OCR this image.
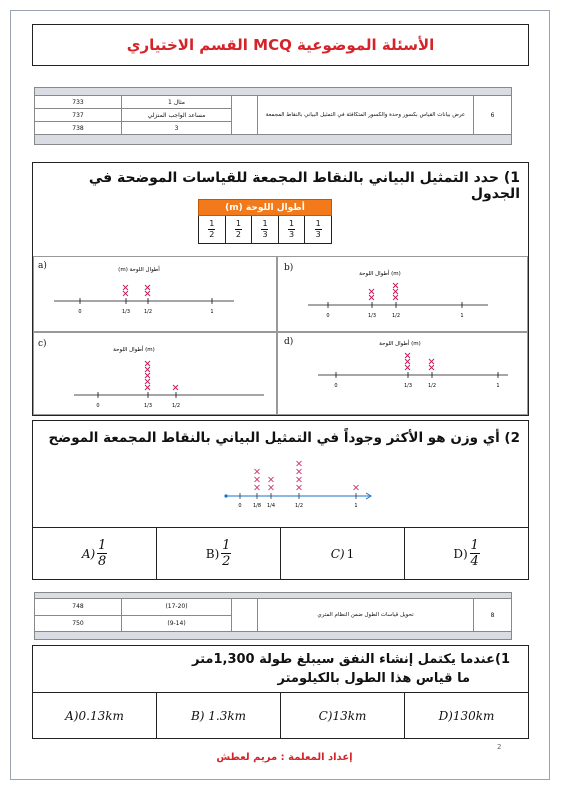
الأسئلة الموضوعية MCQ القسم الاختياري

6	عرض بيانات القياس بكسور وحدة والكسور المتكافئة في التمثيل البياني بالنقاط المجمعة		مثال 1	733
			مساعد الواجب المنزلي	737
			3	738

1) حدد التمثيل البياني بالنقاط المجمعة للقياسات الموضحة في الجدول
أطوال اللوحة (m)
$\frac{1}{2} \frac{1}{2} \frac{1}{3} \frac{1}{3} \frac{1}{3}$
a)	أطوال اللوحة (m)
0	1/3	1/2	1
b)
أطوال اللوحة (m)
0	1/3	1/2	1
c)
أطوال اللوحة (m)
0	1/3	1/2
d)	أطوال اللوحة (m)
0	1/3	1/2	1
2) أي وزن هو الأكثر وجوداً في التمثيل البياني بالنقاط المجمعة الموضح
0 1/8 1/4	1/2	1
$A) \frac{1}{8}$	$B) \frac{1}{2}$	C) 1	$D) \frac{1}{4}$

8	تحويل قياسات الطول ضمن النظام المتري		(17-20)	748
			(9-14)	750

1)عندما يكتمل إنشاء النفق سيبلغ طولة 1,300متر
ما قياس هذا الطول بالكيلومتر
A)0.13km	B) 1.3km	C)13km	D)130km
2
إعداد المعلمة : مريم لعطش
